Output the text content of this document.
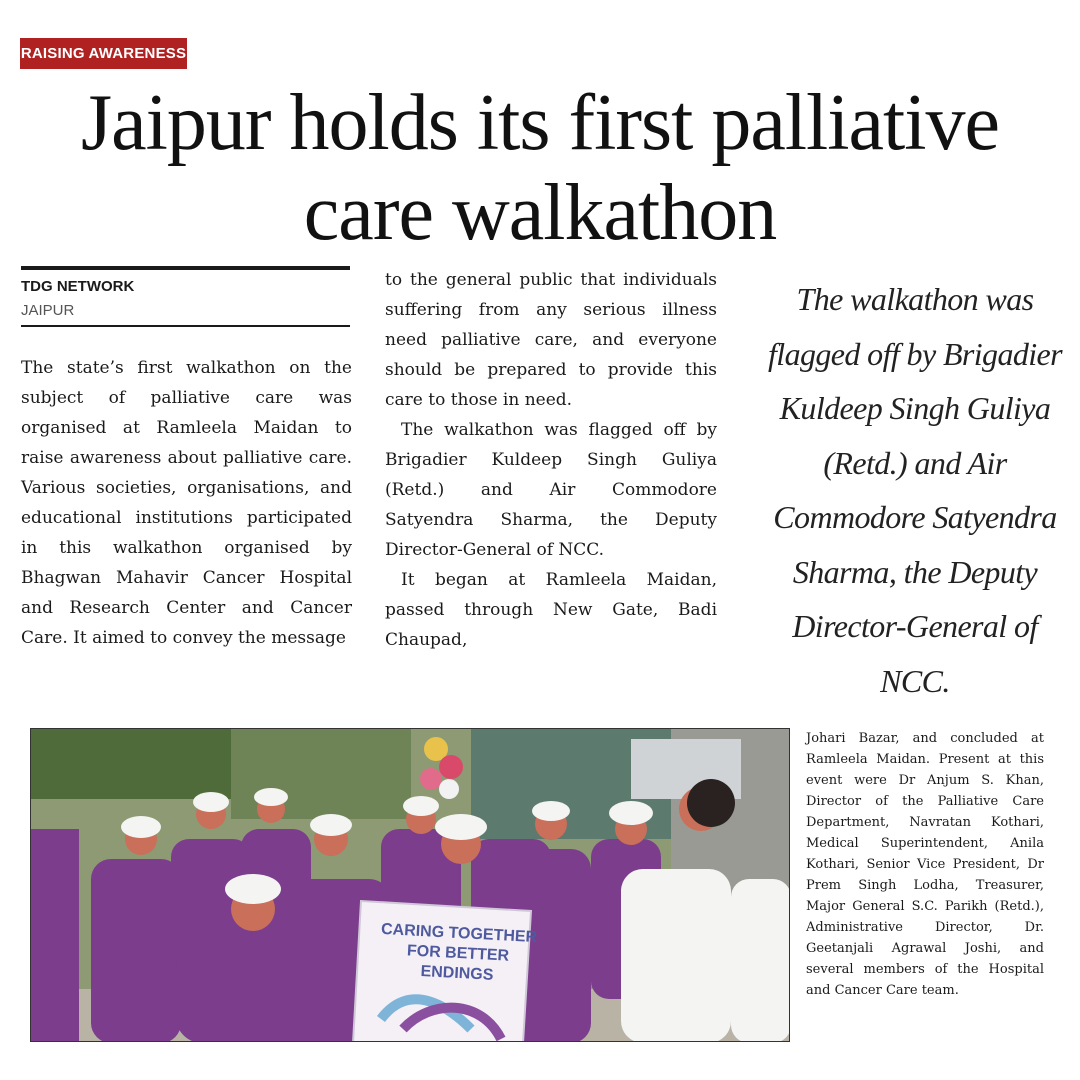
RAISING AWARENESS
Jaipur holds its first palliative
care walkathon
TDG NETWORK
JAIPUR

The state’s first walkathon on the subject of palliative care was organised at Ramleela Maidan to raise awareness about palliative care. Various societies, organisations, and educational institutions participated in this walkathon organised by Bhagwan Mahavir Cancer Hospital and Research Center and Cancer Care. It aimed to convey the message

to the general public that individuals suffering from any serious illness need palliative care, and everyone should be prepared to provide this care to those in need.

The walkathon was flagged off by Brigadier Kuldeep Singh Guliya (Retd.) and Air Commodore Satyendra Sharma, the Deputy Director-General of NCC.

It began at Ramleela Maidan, passed through New Gate, Badi Chaupad,

The walkathon was flagged off by Brigadier Kuldeep Singh Guliya (Retd.) and Air Commodore Satyendra Sharma, the Deputy Director-General of NCC.
CARING TOGETHER FOR BETTER ENDINGS

Johari Bazar, and concluded at Ramleela Maidan. Present at this event were Dr Anjum S. Khan, Director of the Palliative Care Department, Navratan Kothari, Medical Superintendent, Anila Kothari, Senior Vice President, Dr Prem Singh Lodha, Treasurer, Major General S.C. Parikh (Retd.), Administrative Director, Dr. Geetanjali Agrawal Joshi, and several members of the Hospital and Cancer Care team.
